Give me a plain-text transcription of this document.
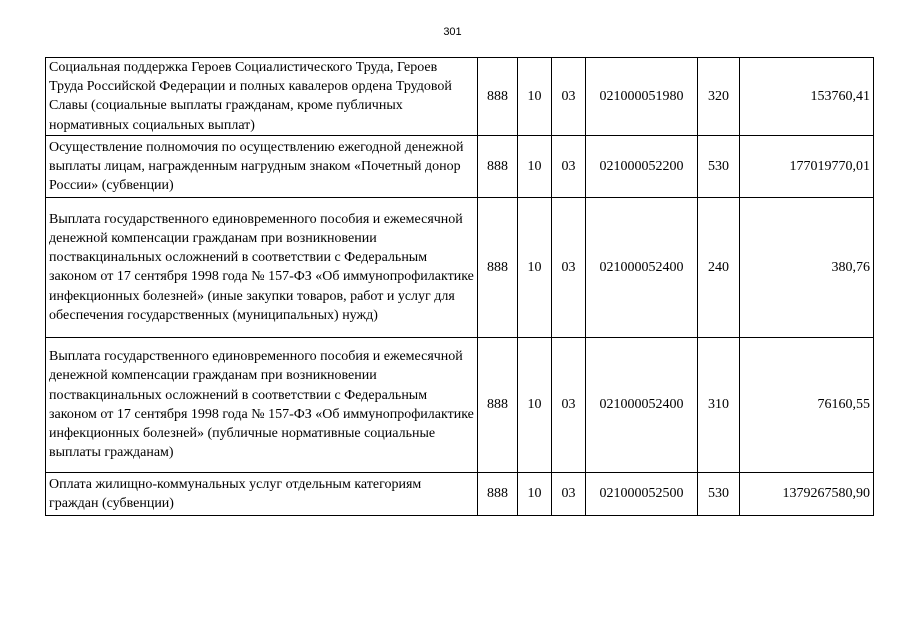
301
Социальная поддержка Героев Социалистического Труда, Героев Труда Российской Федерации и полных кавалеров ордена Трудовой Славы (социальные выплаты гражданам, кроме публичных нормативных социальных выплат)	888	10	03	021000051980	320	153760,41
Осуществление полномочия по осуществлению ежегодной денежной выплаты лицам, награжденным нагрудным знаком «Почетный донор России» (субвенции)	888	10	03	021000052200	530	177019770,01
Выплата государственного единовременного пособия и ежемесячной денежной компенсации гражданам при возникновении поствакцинальных осложнений в соответствии с Федеральным законом от 17 сентября 1998 года № 157-ФЗ «Об иммунопрофилактике инфекционных болезней» (иные закупки товаров, работ и услуг для обеспечения государственных (муниципальных) нужд)	888	10	03	021000052400	240	380,76
Выплата государственного единовременного пособия и ежемесячной денежной компенсации гражданам при возникновении поствакцинальных осложнений в соответствии с Федеральным законом от 17 сентября 1998 года № 157-ФЗ «Об иммунопрофилактике инфекционных болезней» (публичные нормативные социальные выплаты гражданам)	888	10	03	021000052400	310	76160,55
Оплата жилищно-коммунальных услуг отдельным категориям граждан (субвенции)	888	10	03	021000052500	530	1379267580,90
